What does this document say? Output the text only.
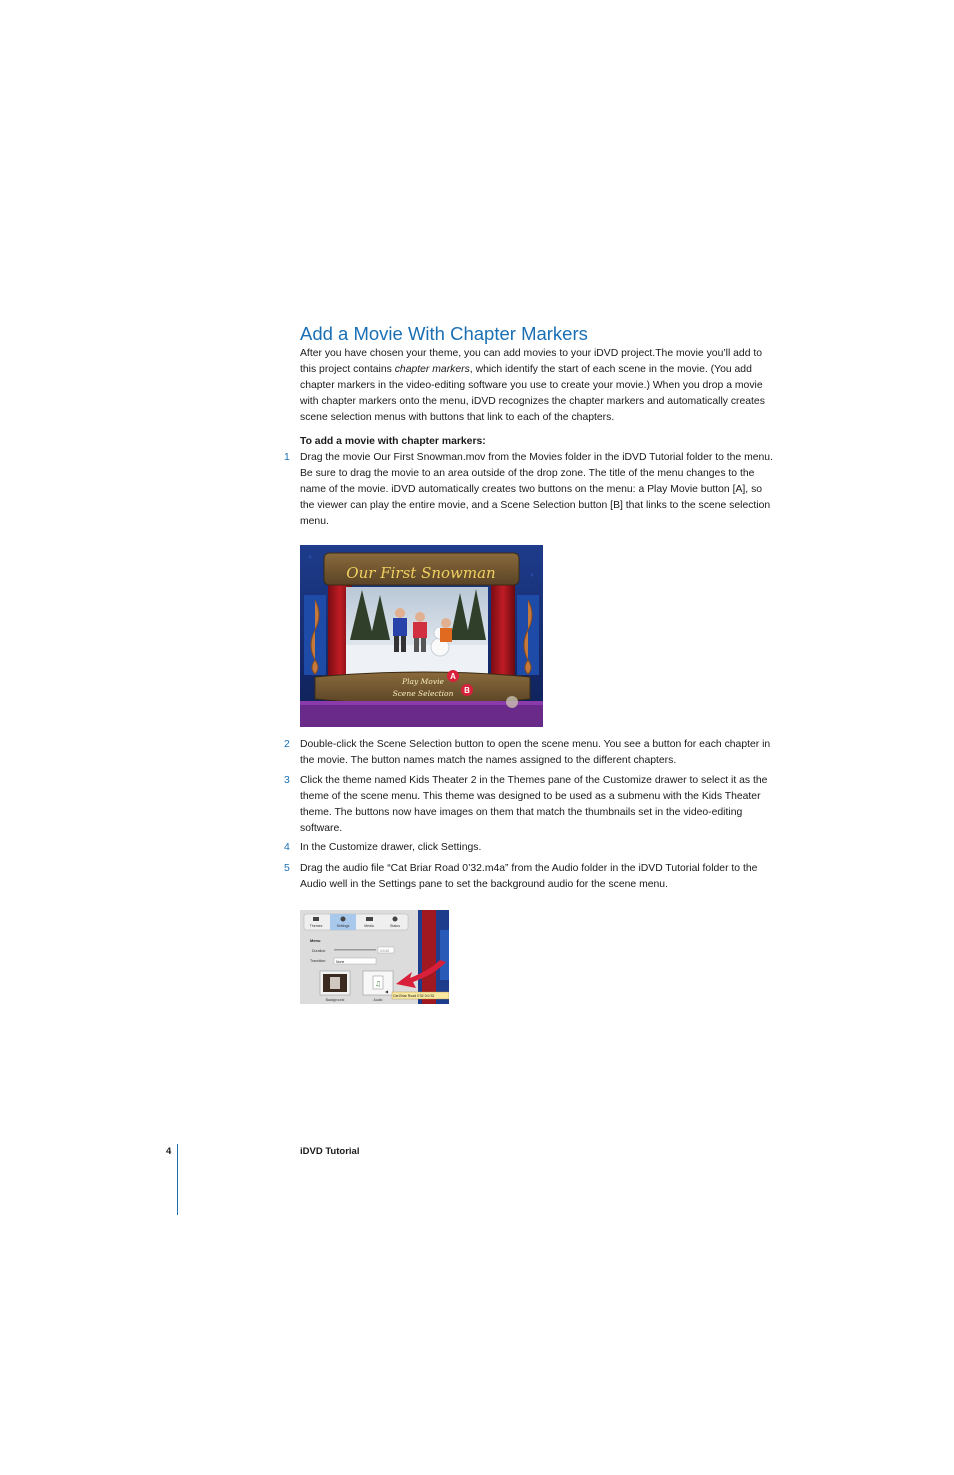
Add a Movie With Chapter Markers

After you have chosen your theme, you can add movies to your iDVD project.The movie you’ll add to this project contains chapter markers, which identify the start of each scene in the movie. (You add chapter markers in the video-editing software you use to create your movie.) When you drop a movie with chapter markers onto the menu, iDVD recognizes the chapter markers and automatically creates scene selection menus with buttons that link to each of the chapters.

To add a movie with chapter markers:

1 Drag the movie Our First Snowman.mov from the Movies folder in the iDVD Tutorial folder to the menu. Be sure to drag the movie to an area outside of the drop zone. The title of the menu changes to the name of the movie. iDVD automatically creates two buttons on the menu: a Play Movie button [A], so the viewer can play the entire movie, and a Scene Selection button [B] that links to the scene selection menu.
Our First Snowman
Play Movie
Scene Selection
A
B
2 Double-click the Scene Selection button to open the scene menu. You see a button for each chapter in the movie. The button names match the names assigned to the different chapters.
3 Click the theme named Kids Theater 2 in the Themes pane of the Customize drawer to select it as the theme of the scene menu. This theme was designed to be used as a submenu with the Kids Theater theme. The buttons now have images on them that match the thumbnails set in the video-editing software.
4 In the Customize drawer, click Settings.
5 Drag the audio file “Cat Briar Road 0’32.m4a” from the Audio folder in the iDVD Tutorial folder to the Audio well in the Settings pane to set the background audio for the scene menu.
Themes	Settings	Media	Status
Menu
Duration:	0:0:10
Transition:	None
Background
♫
Audio
◀
Cat Briar Road 0'32 0:0:32
4	iDVD Tutorial
